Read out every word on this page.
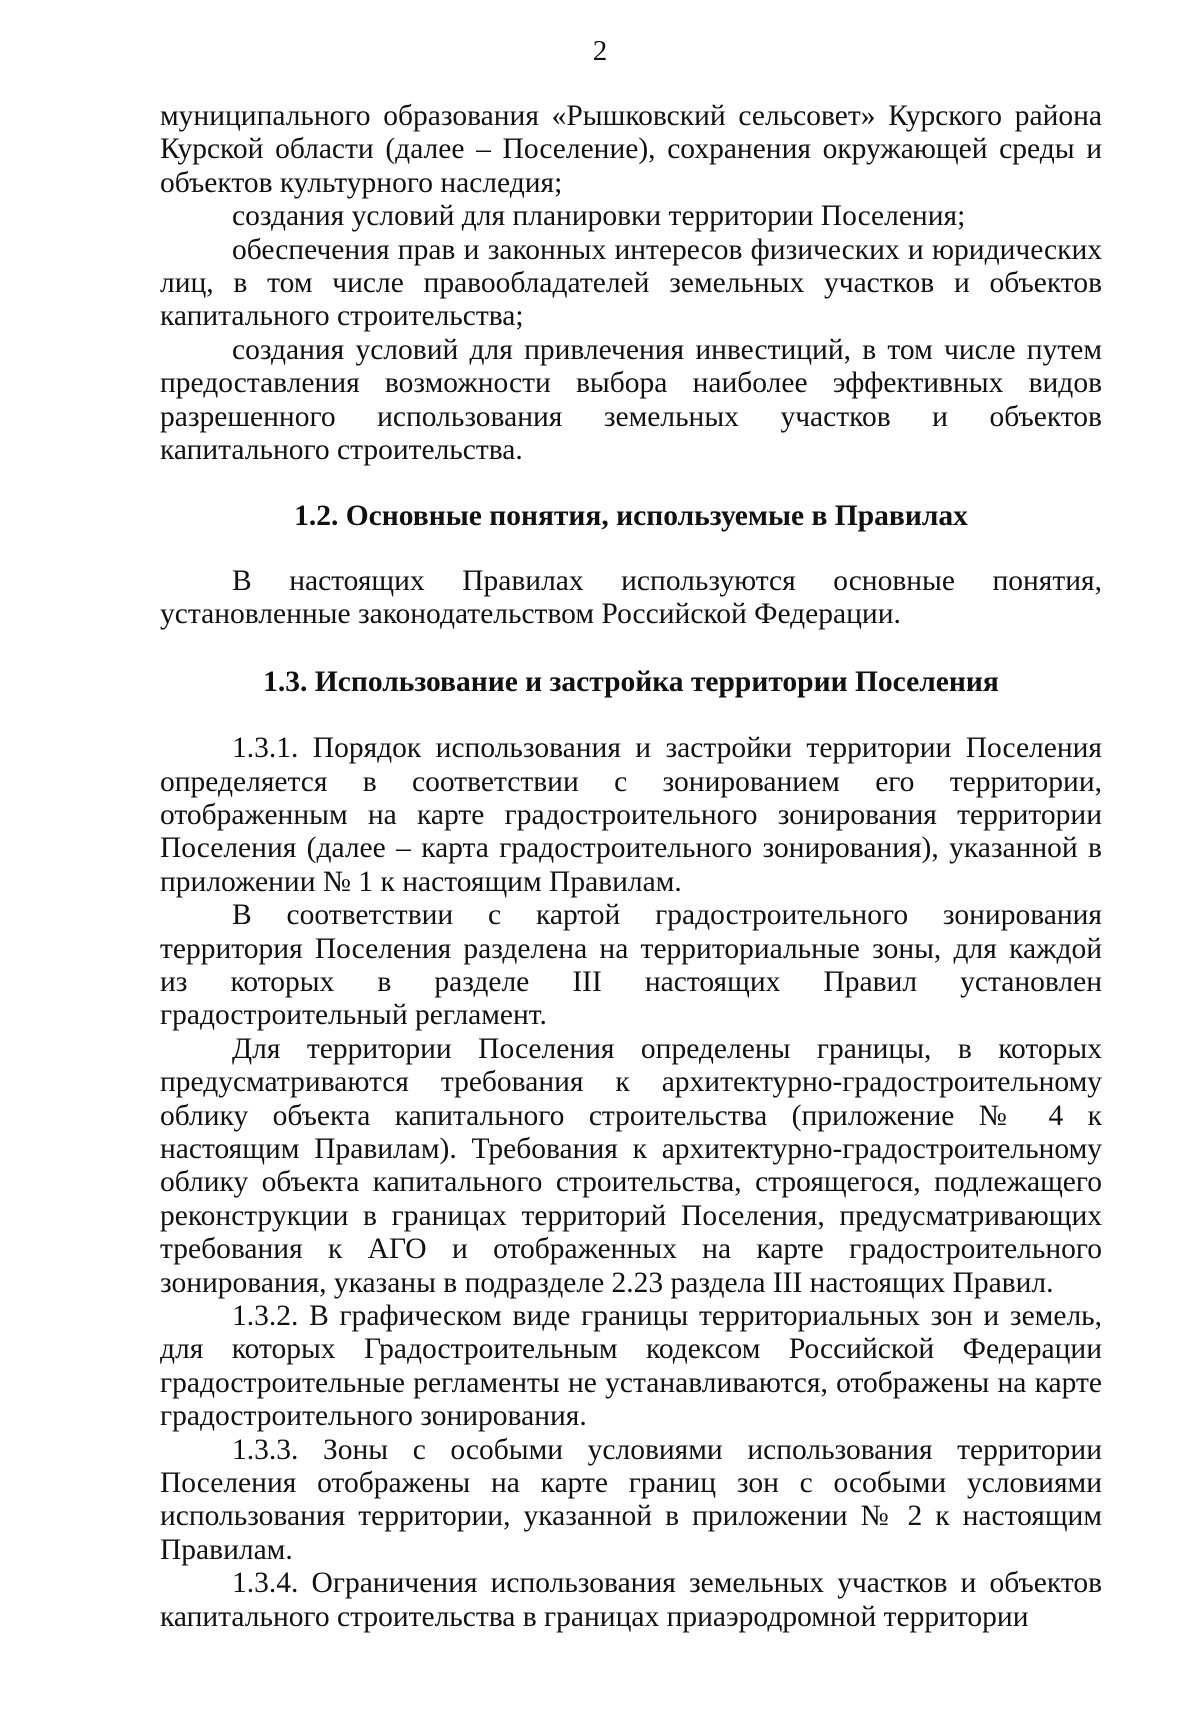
2

муниципального образования «Рышковский сельсовет» Курского района Курской области (далее – Поселение), сохранения окружающей среды и объектов культурного наследия;

создания условий для планировки территории Поселения;

обеспечения прав и законных интересов физических и юридических лиц, в том числе правообладателей земельных участков и объектов капитального строительства;

создания условий для привлечения инвестиций, в том числе путем предоставления возможности выбора наиболее эффективных видов разрешенного использования земельных участков и объектов капитального строительства.

1.2. Основные понятия, используемые в Правилах

В настоящих Правилах используются основные понятия, установленные законодательством Российской Федерации.

1.3. Использование и застройка территории Поселения

1.3.1. Порядок использования и застройки территории Поселения определяется в соответствии с зонированием его территории, отображенным на карте градостроительного зонирования территории Поселения (далее – карта градостроительного зонирования), указанной в приложении № 1 к настоящим Правилам.

В соответствии с картой градостроительного зонирования территория Поселения разделена на территориальные зоны, для каждой из которых в разделе III настоящих Правил установлен градостроительный регламент.

Для территории Поселения определены границы, в которых предусматриваются требования к архитектурно-градостроительному облику объекта капитального строительства (приложение № 4 к настоящим Правилам). Требования к архитектурно-градостроительному облику объекта капитального строительства, строящегося, подлежащего реконструкции в границах территорий Поселения, предусматривающих требования к АГО и отображенных на карте градостроительного зонирования, указаны в подразделе 2.23 раздела III настоящих Правил.

1.3.2. В графическом виде границы территориальных зон и земель, для которых Градостроительным кодексом Российской Федерации градостроительные регламенты не устанавливаются, отображены на карте градостроительного зонирования.

1.3.3. Зоны с особыми условиями использования территории Поселения отображены на карте границ зон с особыми условиями использования территории, указанной в приложении № 2 к настоящим Правилам.

1.3.4. Ограничения использования земельных участков и объектов капитального строительства в границах приаэродромной территории
